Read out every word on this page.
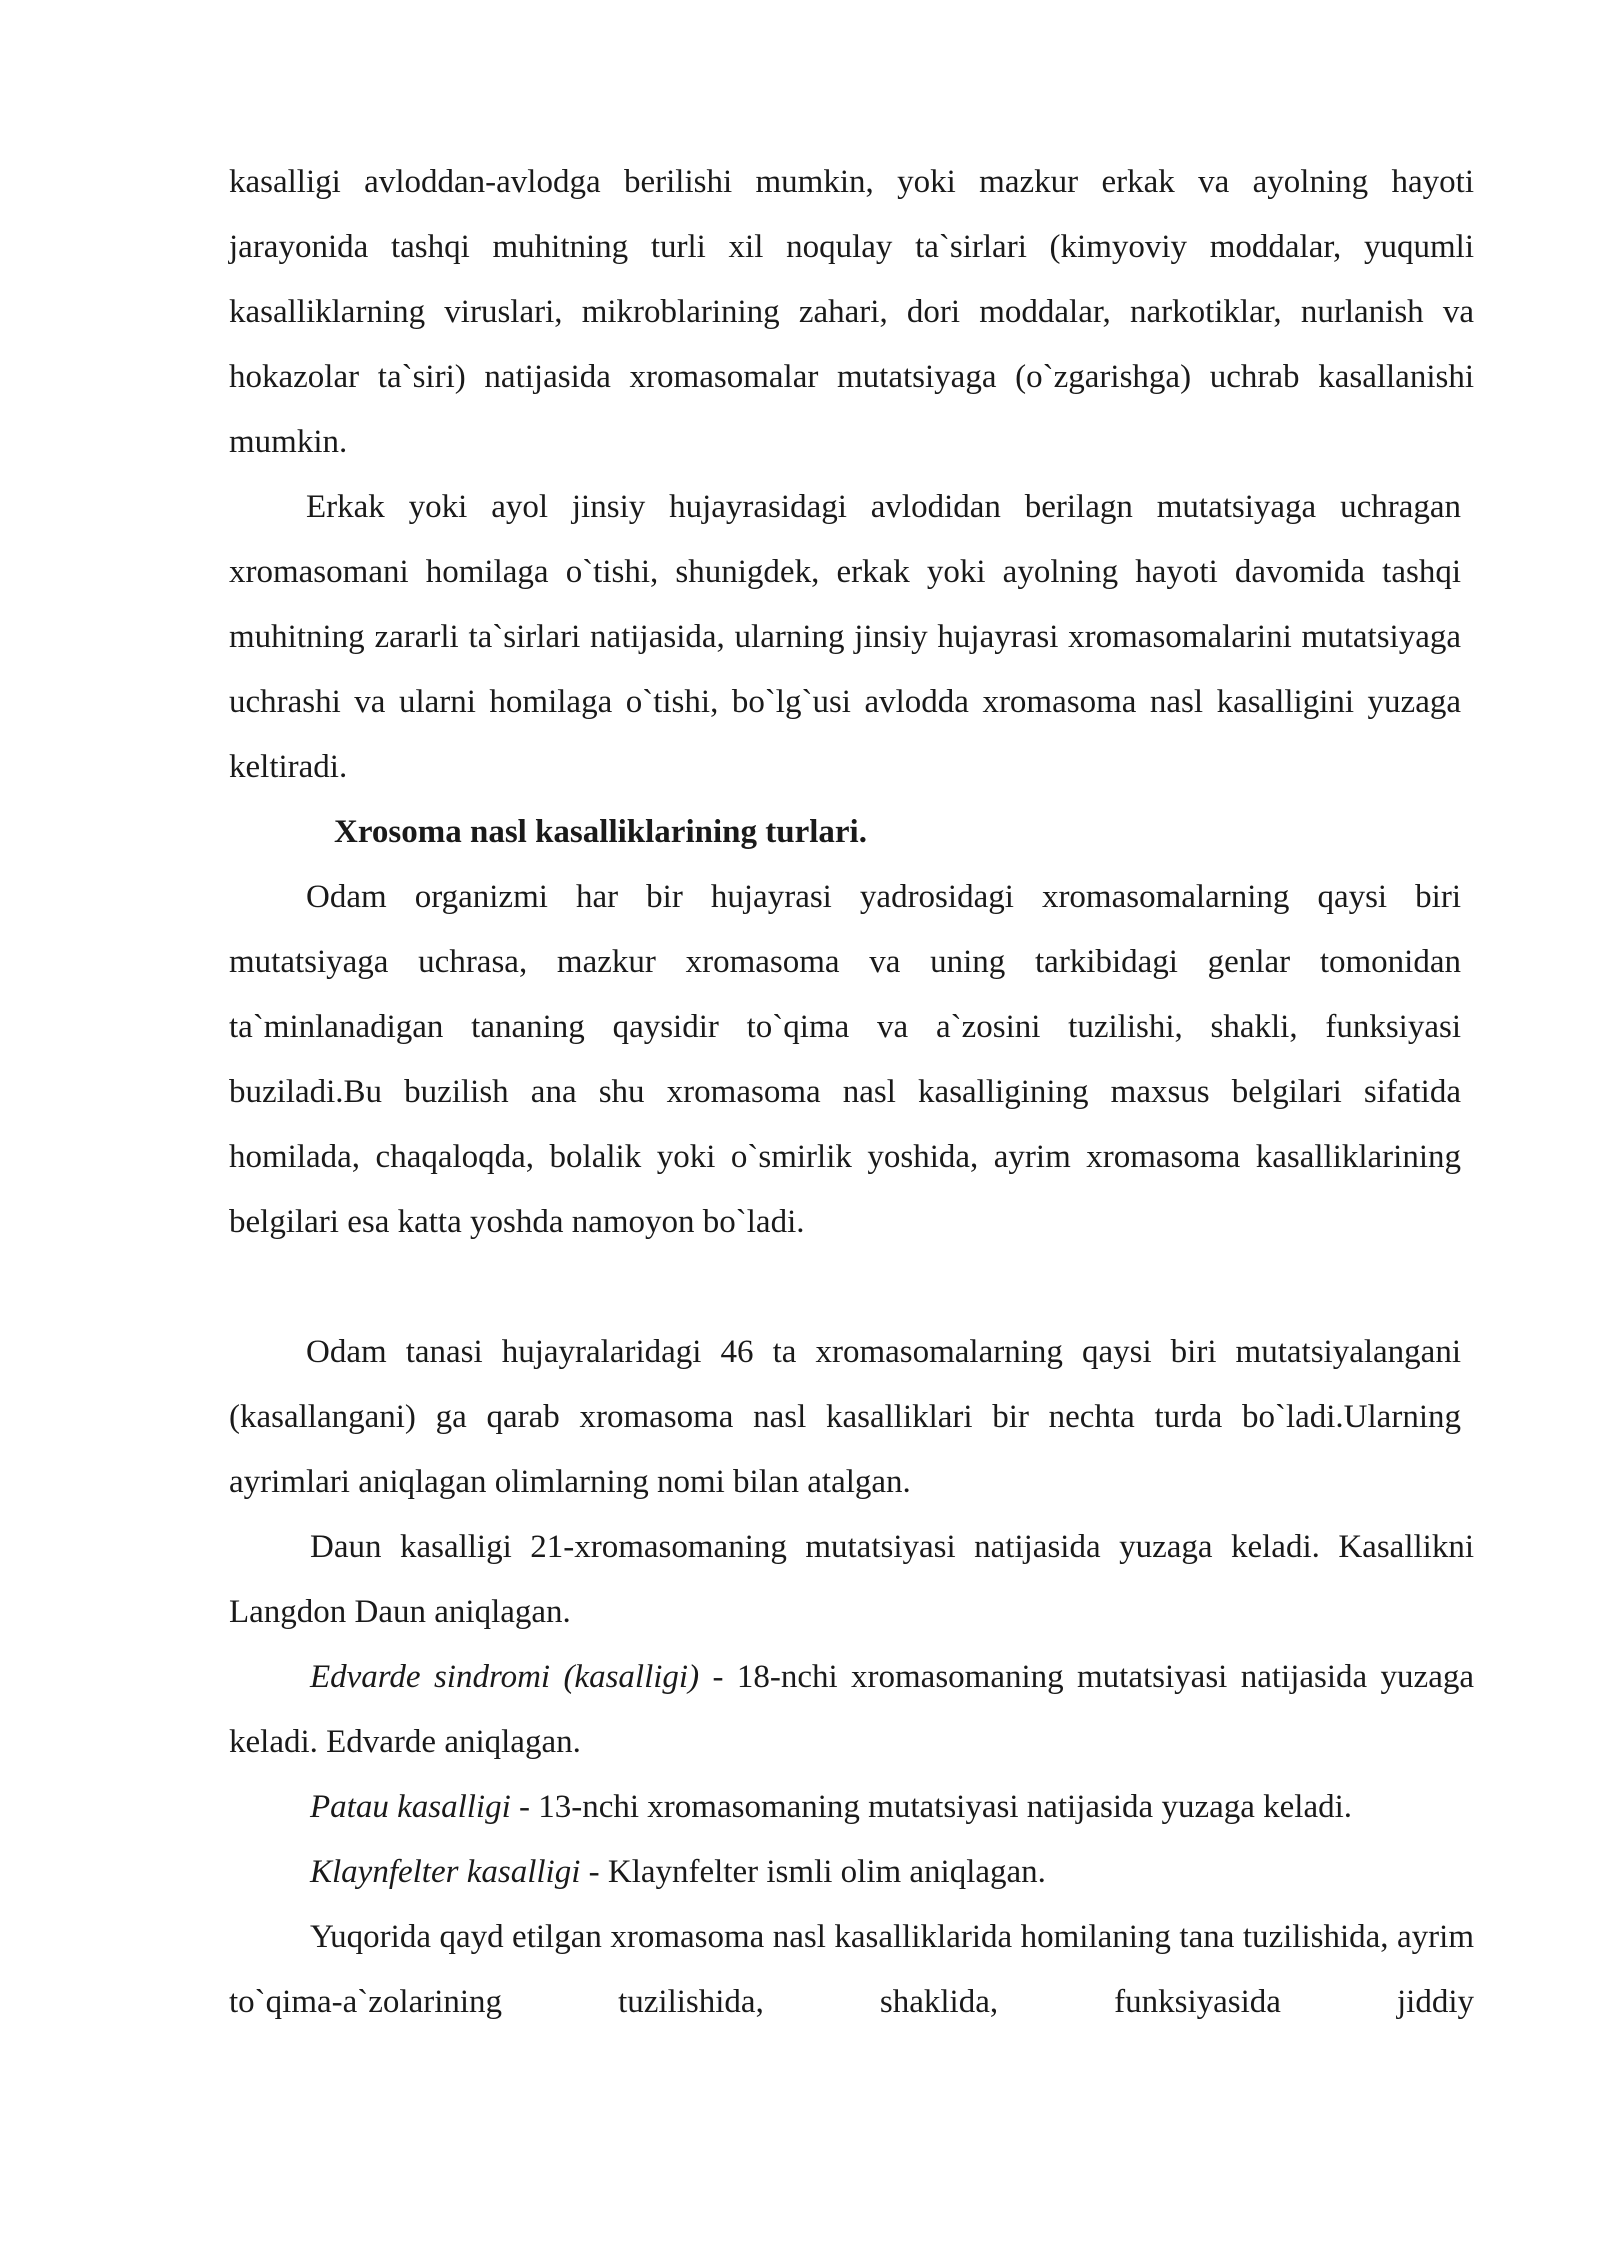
kasalligi avloddan-avlodga berilishi mumkin, yoki mazkur erkak va ayolning hayoti jarayonida tashqi muhitning turli xil noqulay ta`sirlari (kimyoviy moddalar, yuqumli kasalliklarning viruslari, mikroblarining zahari, dori moddalar, narkotiklar, nurlanish va hokazolar ta`siri) natijasida xromasomalar mutatsiyaga (o`zgarishga) uchrab kasallanishi mumkin.

Erkak yoki ayol jinsiy hujayrasidagi avlodidan berilagn mutatsiyaga uchragan xromasomani homilaga o`tishi, shunigdek, erkak yoki ayolning hayoti davomida tashqi muhitning zararli ta`sirlari natijasida, ularning jinsiy hujayrasi xromasomalarini mutatsiyaga uchrashi va ularni homilaga o`tishi, bo`lg`usi avlodda xromasoma nasl kasalligini yuzaga keltiradi.

Xrosoma nasl kasalliklarining turlari.

Odam organizmi har bir hujayrasi yadrosidagi xromasomalarning qaysi biri mutatsiyaga uchrasa, mazkur xromasoma va uning tarkibidagi genlar tomonidan ta`minlanadigan tananing qaysidir to`qima va a`zosini tuzilishi, shakli, funksiyasi buziladi.Bu buzilish ana shu xromasoma nasl kasalligining maxsus belgilari sifatida homilada, chaqaloqda, bolalik yoki o`smirlik yoshida, ayrim xromasoma kasalliklarining belgilari esa katta yoshda namoyon bo`ladi.

Odam tanasi hujayralaridagi 46 ta xromasomalarning qaysi biri mutatsiyalangani (kasallangani) ga qarab xromasoma nasl kasalliklari bir nechta turda bo`ladi.Ularning ayrimlari aniqlagan olimlarning nomi bilan atalgan.

Daun kasalligi 21-xromasomaning mutatsiyasi natijasida yuzaga keladi. Kasallikni Langdon Daun aniqlagan.

Edvarde sindromi (kasalligi) - 18-nchi xromasomaning mutatsiyasi natijasida yuzaga keladi. Edvarde aniqlagan.

Patau kasalligi - 13-nchi xromasomaning mutatsiyasi natijasida yuzaga keladi.

Klaynfelter kasalligi - Klaynfelter ismli olim aniqlagan.

Yuqorida qayd etilgan xromasoma nasl kasalliklarida homilaning tana tuzilishida, ayrim to`qima-a`zolarining tuzilishida, shaklida, funksiyasida jiddiy
